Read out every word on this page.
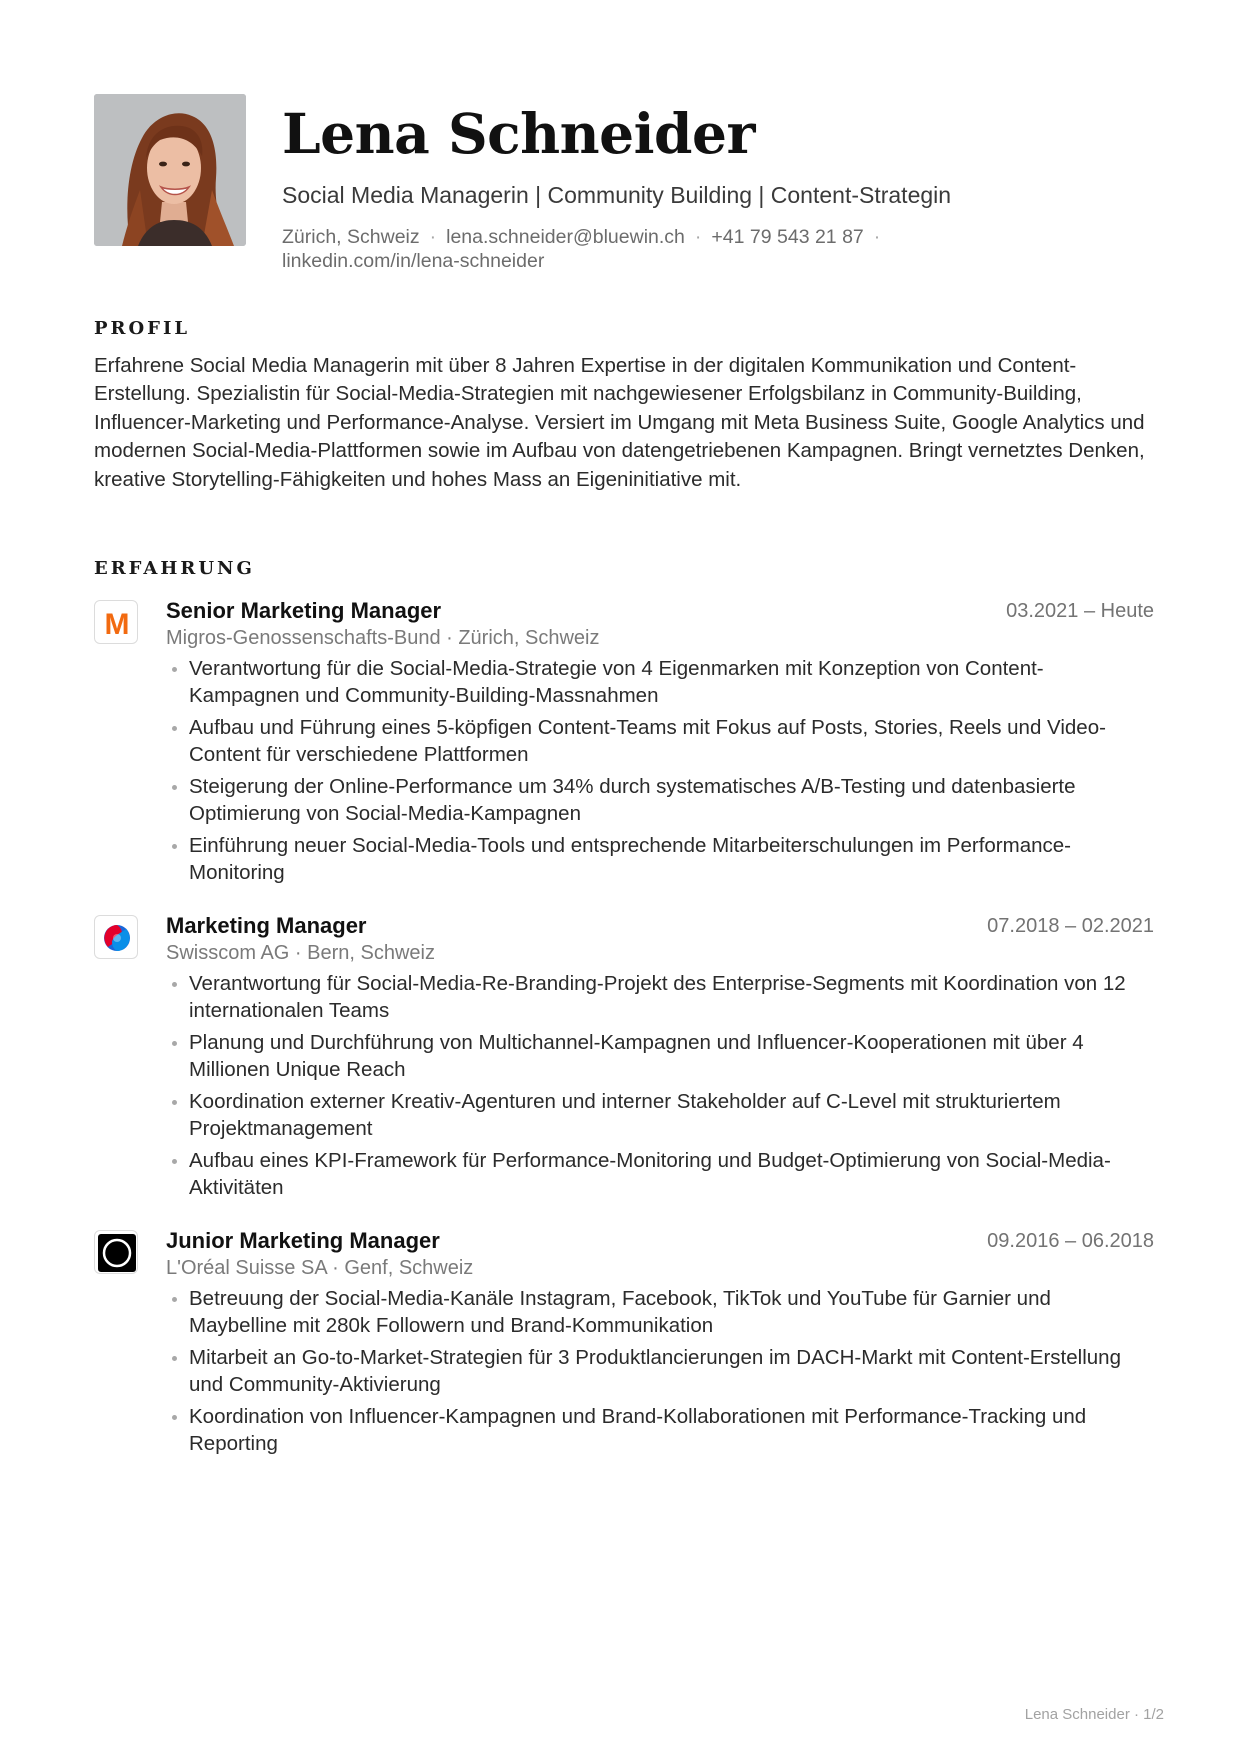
Lena Schneider
Social Media Managerin | Community Building | Content-Strategin
Zürich, Schweiz · lena.schneider@bluewin.ch · +41 79 543 21 87 ·
linkedin.com/in/lena-schneider
PROFIL

Erfahrene Social Media Managerin mit über 8 Jahren Expertise in der digitalen Kommunikation und Content-Erstellung. Spezialistin für Social-Media-Strategien mit nachgewiesener Erfolgsbilanz in Community-Building, Influencer-Marketing und Performance-Analyse. Versiert im Umgang mit Meta Business Suite, Google Analytics und modernen Social-Media-Plattformen sowie im Aufbau von datengetriebenen Kampagnen. Bringt vernetztes Denken, kreative Storytelling-Fähigkeiten und hohes Mass an Eigeninitiative mit.

ERFAHRUNG
M Senior Marketing Manager	03.2021 – Heute
Migros-Genossenschafts-Bund · Zürich, Schweiz
Verantwortung für die Social-Media-Strategie von 4 Eigenmarken mit Konzeption von Content-Kampagnen und Community-Building-Massnahmen
Aufbau und Führung eines 5-köpfigen Content-Teams mit Fokus auf Posts, Stories, Reels und Video-Content für verschiedene Plattformen
Steigerung der Online-Performance um 34% durch systematisches A/B-Testing und datenbasierte Optimierung von Social-Media-Kampagnen
Einführung neuer Social-Media-Tools und entsprechende Mitarbeiterschulungen im Performance-Monitoring
Marketing Manager	07.2018 – 02.2021
Swisscom AG · Bern, Schweiz
Verantwortung für Social-Media-Re-Branding-Projekt des Enterprise-Segments mit Koordination von 12 internationalen Teams
Planung und Durchführung von Multichannel-Kampagnen und Influencer-Kooperationen mit über 4 Millionen Unique Reach
Koordination externer Kreativ-Agenturen und interner Stakeholder auf C-Level mit strukturiertem Projektmanagement
Aufbau eines KPI-Framework für Performance-Monitoring und Budget-Optimierung von Social-Media-Aktivitäten
Junior Marketing Manager	09.2016 – 06.2018
L'Oréal Suisse SA · Genf, Schweiz
Betreuung der Social-Media-Kanäle Instagram, Facebook, TikTok und YouTube für Garnier und Maybelline mit 280k Followern und Brand-Kommunikation
Mitarbeit an Go-to-Market-Strategien für 3 Produktlancierungen im DACH-Markt mit Content-Erstellung und Community-Aktivierung
Koordination von Influencer-Kampagnen und Brand-Kollaborationen mit Performance-Tracking und Reporting
Lena Schneider · 1/2
